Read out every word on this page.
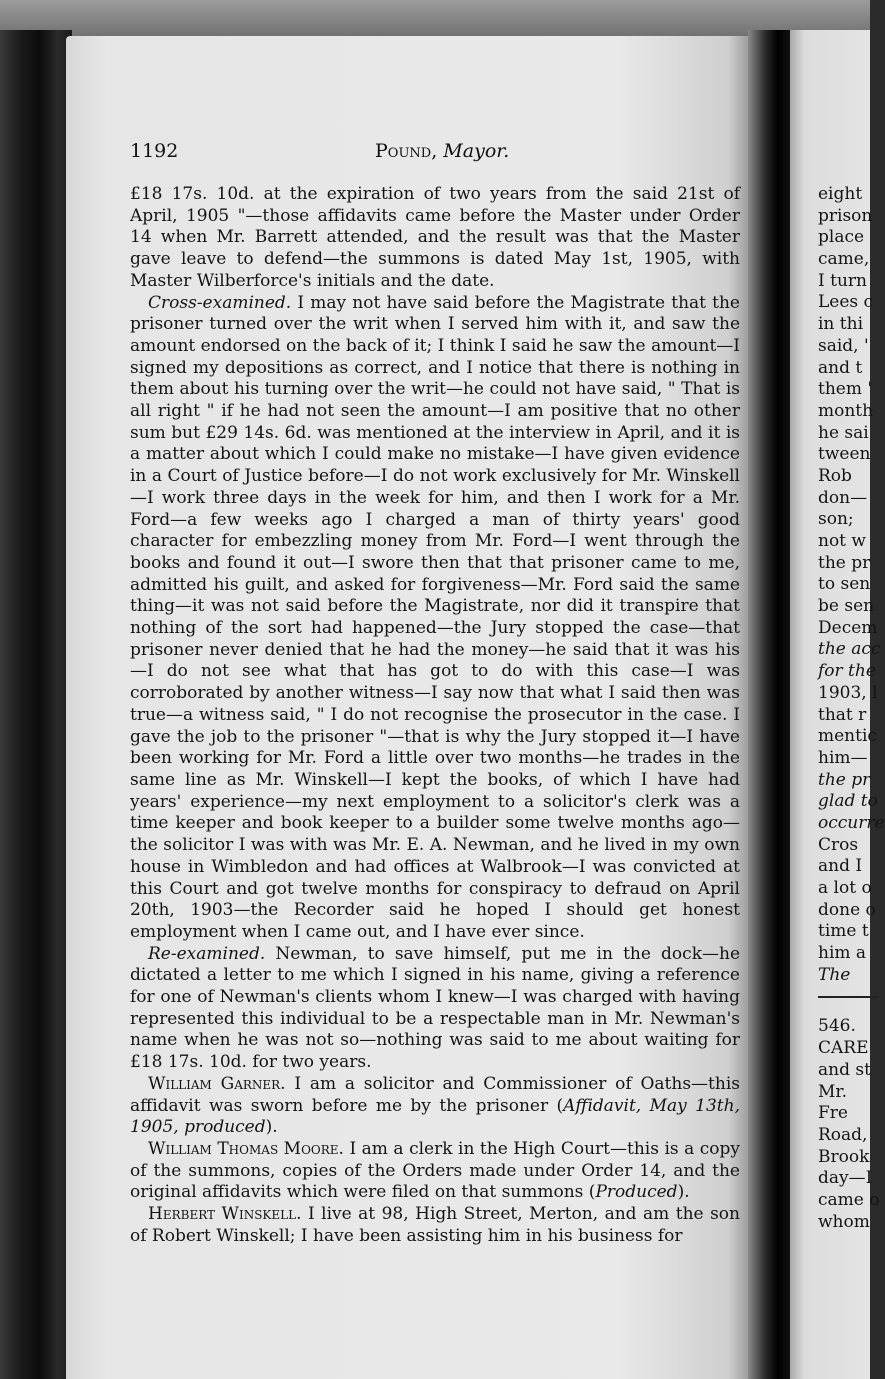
1192	Pound, Mayor.

£18 17s. 10d. at the expiration of two years from the said 21st of April, 1905 "—those affidavits came before the Master under Order 14 when Mr. Barrett attended, and the result was that the Master gave leave to defend—the summons is dated May 1st, 1905, with Master Wilberforce's initials and the date.

Cross-examined. I may not have said before the Magistrate that the prisoner turned over the writ when I served him with it, and saw the amount endorsed on the back of it; I think I said he saw the amount—I signed my depositions as correct, and I notice that there is nothing in them about his turning over the writ—he could not have said, " That is all right " if he had not seen the amount—I am positive that no other sum but £29 14s. 6d. was mentioned at the interview in April, and it is a matter about which I could make no mistake—I have given evidence in a Court of Justice before—I do not work exclusively for Mr. Winskell—I work three days in the week for him, and then I work for a Mr. Ford—a few weeks ago I charged a man of thirty years' good character for embezzling money from Mr. Ford—I went through the books and found it out—I swore then that that prisoner came to me, admitted his guilt, and asked for forgiveness—Mr. Ford said the same thing—it was not said before the Magistrate, nor did it transpire that nothing of the sort had happened—the Jury stopped the case—that prisoner never denied that he had the money—he said that it was his—I do not see what that has got to do with this case—I was corroborated by another witness—I say now that what I said then was true—a witness said, " I do not recognise the prosecutor in the case. I gave the job to the prisoner "—that is why the Jury stopped it—I have been working for Mr. Ford a little over two months—he trades in the same line as Mr. Winskell—I kept the books, of which I have had years' experience—my next employment to a solicitor's clerk was a time keeper and book keeper to a builder some twelve months ago—the solicitor I was with was Mr. E. A. Newman, and he lived in my own house in Wimbledon and had offices at Walbrook—I was convicted at this Court and got twelve months for conspiracy to defraud on April 20th, 1903—the Recorder said he hoped I should get honest employment when I came out, and I have ever since.

Re-examined. Newman, to save himself, put me in the dock—he dictated a letter to me which I signed in his name, giving a reference for one of Newman's clients whom I knew—I was charged with having represented this individual to be a respectable man in Mr. Newman's name when he was not so—nothing was said to me about waiting for £18 17s. 10d. for two years.

William Garner. I am a solicitor and Commissioner of Oaths—this affidavit was sworn before me by the prisoner (Affidavit, May 13th, 1905, produced).

William Thomas Moore. I am a clerk in the High Court—this is a copy of the summons, copies of the Orders made under Order 14, and the original affidavits which were filed on that summons (Produced).

Herbert Winskell. I live at 98, High Street, Merton, and am the son of Robert Winskell; I have been assisting him in his business for

eight
prison
place
came,
I turn
Lees c
in thi
said, '
and t
them '
month
he sai
tween
Rob
don—
son;
not w
the pr
to sen
be sen
Decem
the acc
for the
1903, l
that r
mentic
him—
the pr
glad to
occurre
Cros
and I
a lot o
done o
time t
him a
The
546.
CARE
and st
Mr.
Fre
Road,
Brook
day—I
came o
whom
